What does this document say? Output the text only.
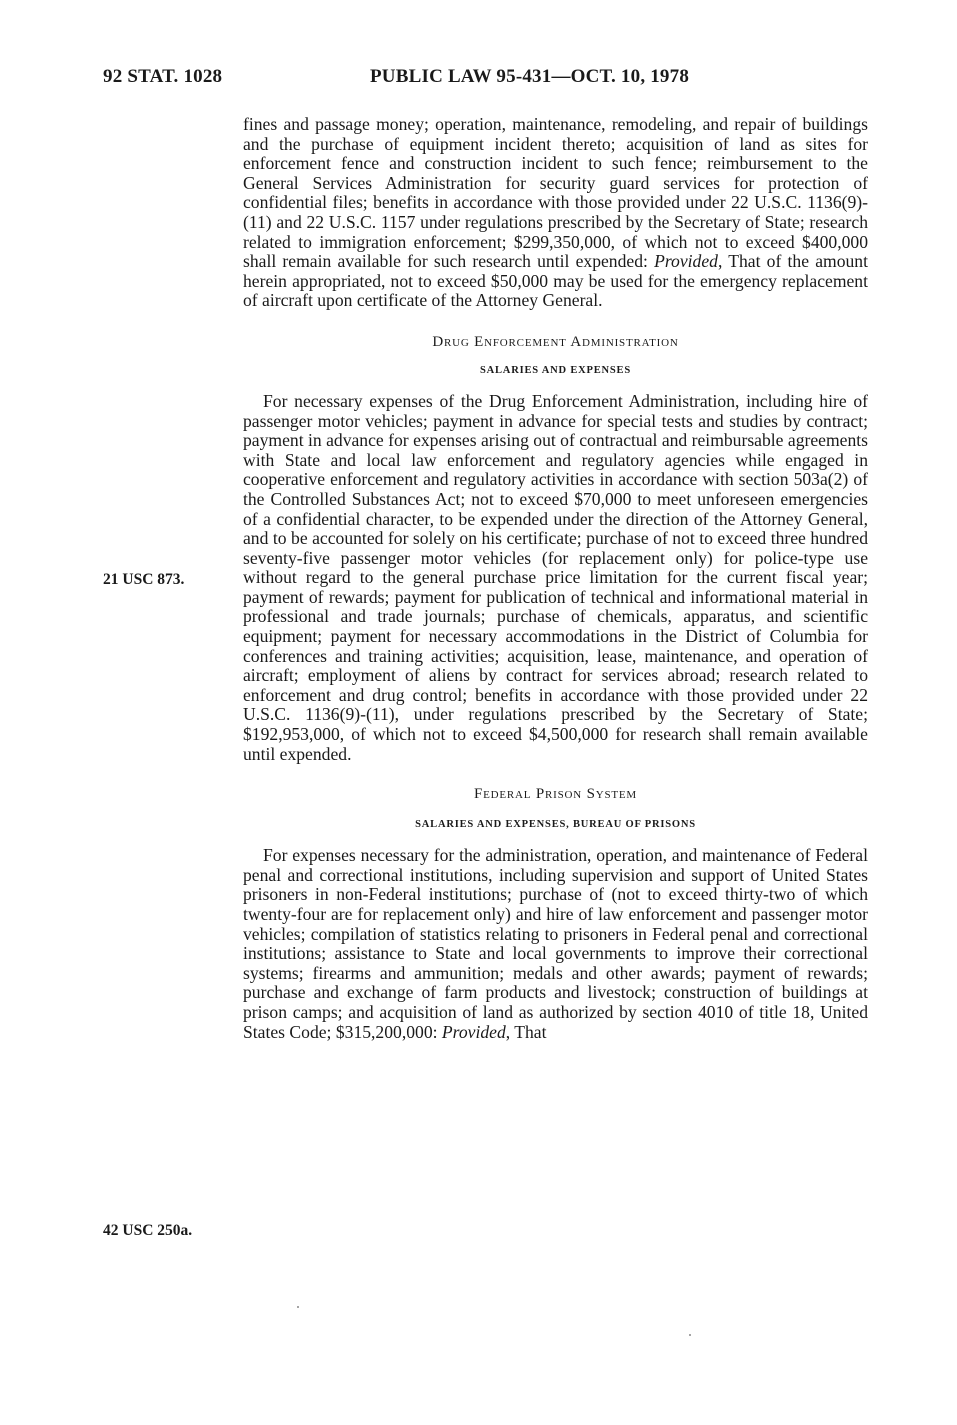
92 STAT. 1028	PUBLIC LAW 95-431—OCT. 10, 1978
21 USC 873.
42 USC 250a.

fines and passage money; operation, maintenance, remodeling, and repair of buildings and the purchase of equipment incident thereto; acquisition of land as sites for enforcement fence and construction incident to such fence; reimbursement to the General Services Administration for security guard services for protection of confidential files; benefits in accordance with those provided under 22 U.S.C. 1136(9)-(11) and 22 U.S.C. 1157 under regulations prescribed by the Secretary of State; research related to immigration enforcement; $299,350,000, of which not to exceed $400,000 shall remain available for such research until expended: Provided, That of the amount herein appropriated, not to exceed $50,000 may be used for the emergency replacement of aircraft upon certificate of the Attorney General.

Drug Enforcement Administration

SALARIES AND EXPENSES

For necessary expenses of the Drug Enforcement Administration, including hire of passenger motor vehicles; payment in advance for special tests and studies by contract; payment in advance for expenses arising out of contractual and reimbursable agreements with State and local law enforcement and regulatory agencies while engaged in cooperative enforcement and regulatory activities in accordance with section 503a(2) of the Controlled Substances Act; not to exceed $70,000 to meet unforeseen emergencies of a confidential character, to be expended under the direction of the Attorney General, and to be accounted for solely on his certificate; purchase of not to exceed three hundred seventy-five passenger motor vehicles (for replacement only) for police-type use without regard to the general purchase price limitation for the current fiscal year; payment of rewards; payment for publication of technical and informational material in professional and trade journals; purchase of chemicals, apparatus, and scientific equipment; payment for necessary accommodations in the District of Columbia for conferences and training activities; acquisition, lease, maintenance, and operation of aircraft; employment of aliens by contract for services abroad; research related to enforcement and drug control; benefits in accordance with those provided under 22 U.S.C. 1136(9)-(11), under regulations prescribed by the Secretary of State; $192,953,000, of which not to exceed $4,500,000 for research shall remain available until expended.

Federal Prison System

SALARIES AND EXPENSES, BUREAU OF PRISONS

For expenses necessary for the administration, operation, and maintenance of Federal penal and correctional institutions, including supervision and support of United States prisoners in non-Federal institutions; purchase of (not to exceed thirty-two of which twenty-four are for replacement only) and hire of law enforcement and passenger motor vehicles; compilation of statistics relating to prisoners in Federal penal and correctional institutions; assistance to State and local governments to improve their correctional systems; firearms and ammunition; medals and other awards; payment of rewards; purchase and exchange of farm products and livestock; construction of buildings at prison camps; and acquisition of land as authorized by section 4010 of title 18, United States Code; $315,200,000: Provided, That
